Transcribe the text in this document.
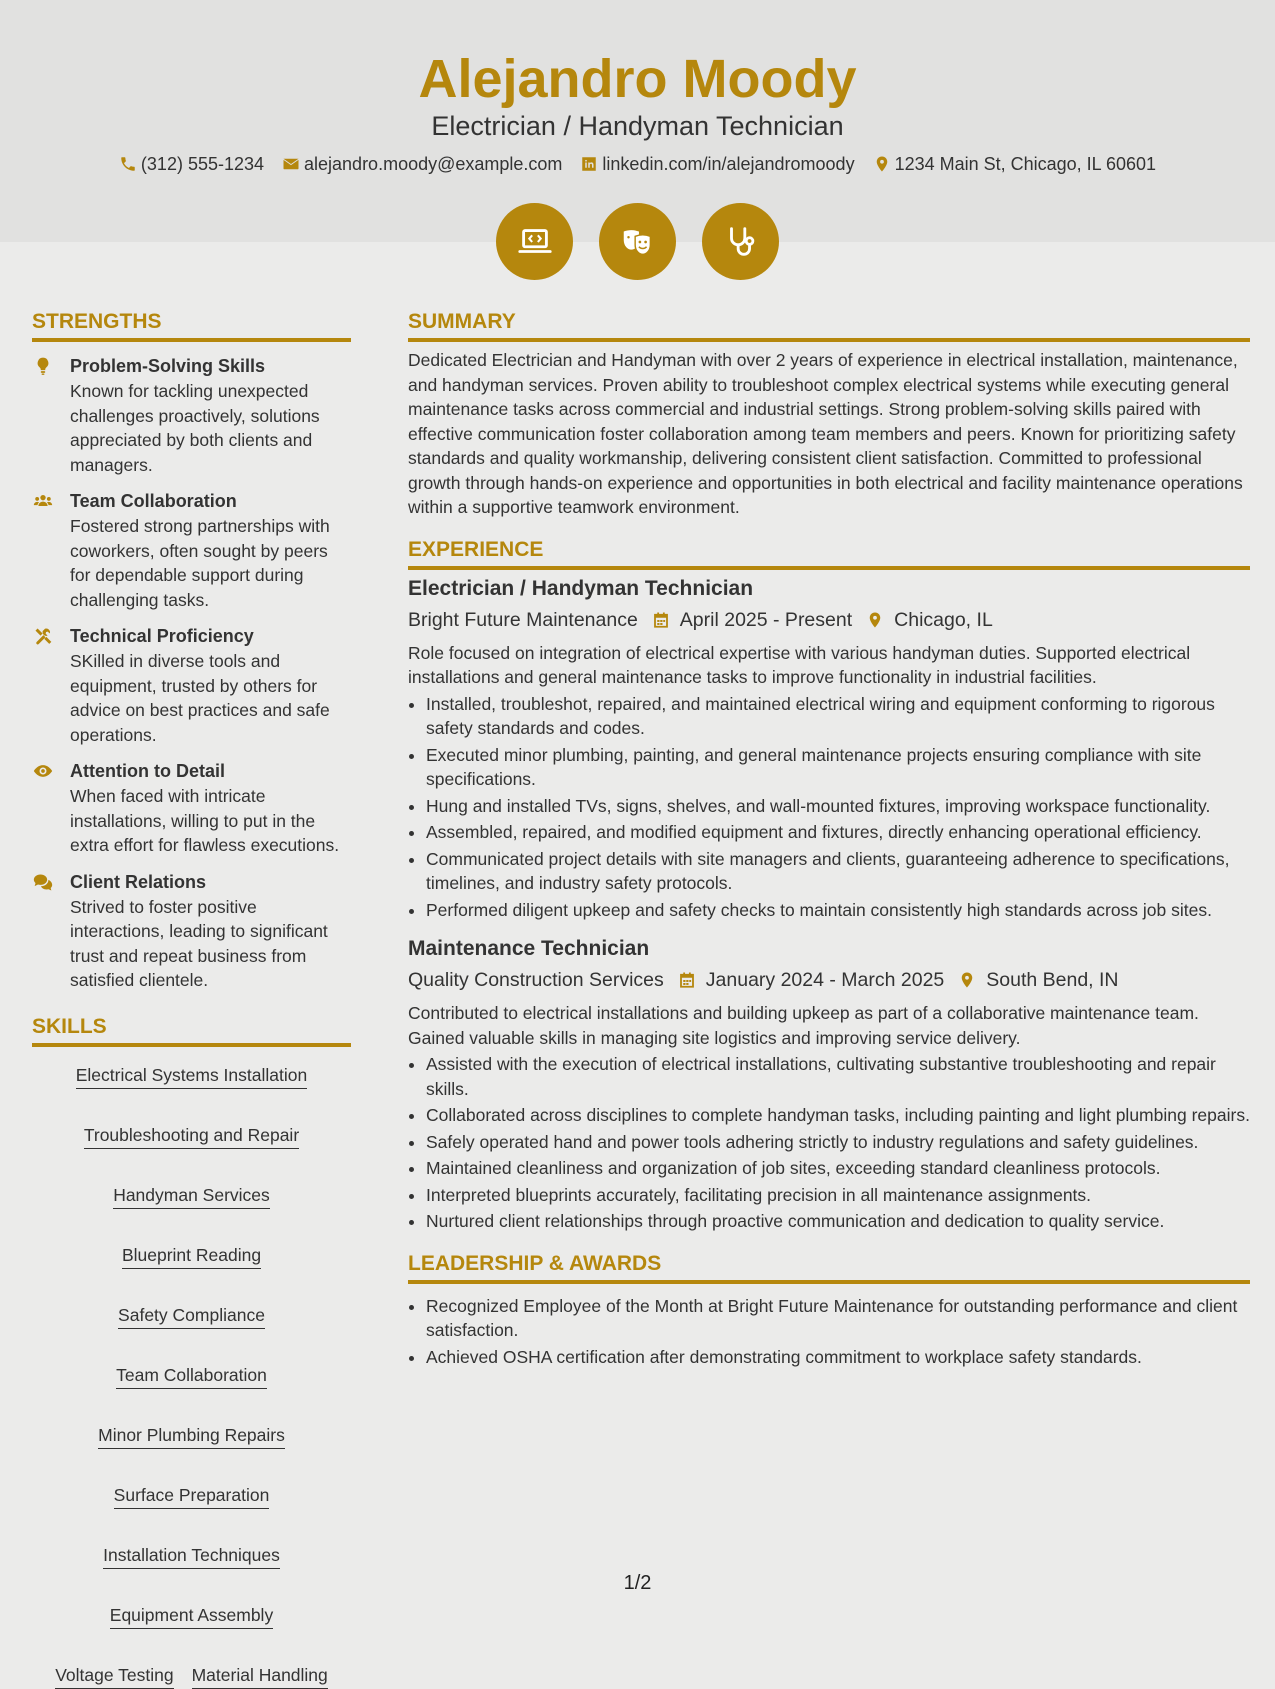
Alejandro Moody
Electrician / Handyman Technician
(312) 555-1234 alejandro.moody@example.com linkedin.com/in/alejandromoody 1234 Main St, Chicago, IL 60601
STRENGTHS
Problem-Solving Skills
Known for tackling unexpected challenges proactively, solutions appreciated by both clients and managers.
Team Collaboration
Fostered strong partnerships with coworkers, often sought by peers for dependable support during challenging tasks.
Technical Proficiency
SKilled in diverse tools and equipment, trusted by others for advice on best practices and safe operations.
Attention to Detail
When faced with intricate installations, willing to put in the extra effort for flawless executions.
Client Relations
Strived to foster positive interactions, leading to significant trust and repeat business from satisfied clientele.
SKILLS
Electrical Systems Installation
Troubleshooting and Repair
Handyman Services
Blueprint Reading
Safety Compliance
Team Collaboration
Minor Plumbing Repairs
Surface Preparation
Installation Techniques
Equipment Assembly
Voltage Testing Material Handling
SUMMARY

Dedicated Electrician and Handyman with over 2 years of experience in electrical installation, maintenance, and handyman services. Proven ability to troubleshoot complex electrical systems while executing general maintenance tasks across commercial and industrial settings. Strong problem-solving skills paired with effective communication foster collaboration among team members and peers. Known for prioritizing safety standards and quality workmanship, delivering consistent client satisfaction. Committed to professional growth through hands-on experience and opportunities in both electrical and facility maintenance operations within a supportive teamwork environment.

EXPERIENCE
Electrician / Handyman Technician
Bright Future Maintenance April 2025 - Present Chicago, IL

Role focused on integration of electrical expertise with various handyman duties. Supported electrical installations and general maintenance tasks to improve functionality in industrial facilities.

• Installed, troubleshot, repaired, and maintained electrical wiring and equipment conforming to rigorous safety standards and codes.
• Executed minor plumbing, painting, and general maintenance projects ensuring compliance with site specifications.
• Hung and installed TVs, signs, shelves, and wall-mounted fixtures, improving workspace functionality.
• Assembled, repaired, and modified equipment and fixtures, directly enhancing operational efficiency.
• Communicated project details with site managers and clients, guaranteeing adherence to specifications, timelines, and industry safety protocols.
• Performed diligent upkeep and safety checks to maintain consistently high standards across job sites.
Maintenance Technician
Quality Construction Services January 2024 - March 2025 South Bend, IN

Contributed to electrical installations and building upkeep as part of a collaborative maintenance team. Gained valuable skills in managing site logistics and improving service delivery.

• Assisted with the execution of electrical installations, cultivating substantive troubleshooting and repair skills.
• Collaborated across disciplines to complete handyman tasks, including painting and light plumbing repairs.
• Safely operated hand and power tools adhering strictly to industry regulations and safety guidelines.
• Maintained cleanliness and organization of job sites, exceeding standard cleanliness protocols.
• Interpreted blueprints accurately, facilitating precision in all maintenance assignments.
• Nurtured client relationships through proactive communication and dedication to quality service.
LEADERSHIP & AWARDS
• Recognized Employee of the Month at Bright Future Maintenance for outstanding performance and client satisfaction.
• Achieved OSHA certification after demonstrating commitment to workplace safety standards.
1/2
